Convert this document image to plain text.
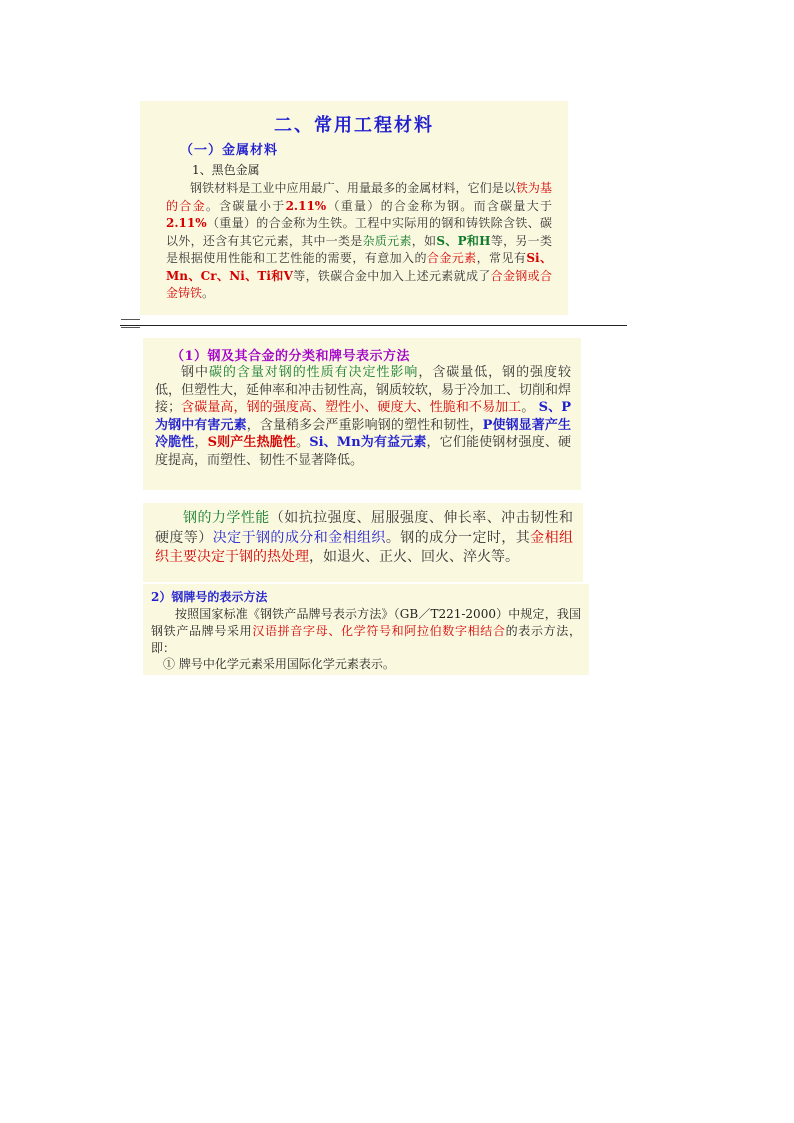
二、常用工程材料
（一）金属材料
1、黑色金属

钢铁材料是工业中应用最广、用量最多的金属材料，它们是以铁为基的合金。含碳量小于2.11%（重量）的合金称为钢。而含碳量大于2.11%（重量）的合金称为生铁。工程中实际用的钢和铸铁除含铁、碳以外，还含有其它元素，其中一类是杂质元素，如S、P和H等，另一类是根据使用性能和工艺性能的需要，有意加入的合金元素，常见有Si、Mn、Cr、Ni、Ti和V等，铁碳合金中加入上述元素就成了合金钢或合金铸铁。

（1）钢及其合金的分类和牌号表示方法

钢中碳的含量对钢的性质有决定性影响，含碳量低，钢的强度较低，但塑性大，延伸率和冲击韧性高，钢质较软，易于冷加工、切削和焊接；含碳量高，钢的强度高、塑性小、硬度大、性脆和不易加工。 S、P为钢中有害元素，含量稍多会严重影响钢的塑性和韧性，P使钢显著产生冷脆性，S则产生热脆性。Si、Mn为有益元素，它们能使钢材强度、硬度提高，而塑性、韧性不显著降低。

钢的力学性能（如抗拉强度、屈服强度、伸长率、冲击韧性和硬度等）决定于钢的成分和金相组织。钢的成分一定时，其金相组织主要决定于钢的热处理，如退火、正火、回火、淬火等。

2）钢牌号的表示方法

按照国家标准《钢铁产品牌号表示方法》（GB／T221-2000）中规定，我国钢铁产品牌号采用汉语拼音字母、化学符号和阿拉伯数字相结合的表示方法，即：

① 牌号中化学元素采用国际化学元素表示。
